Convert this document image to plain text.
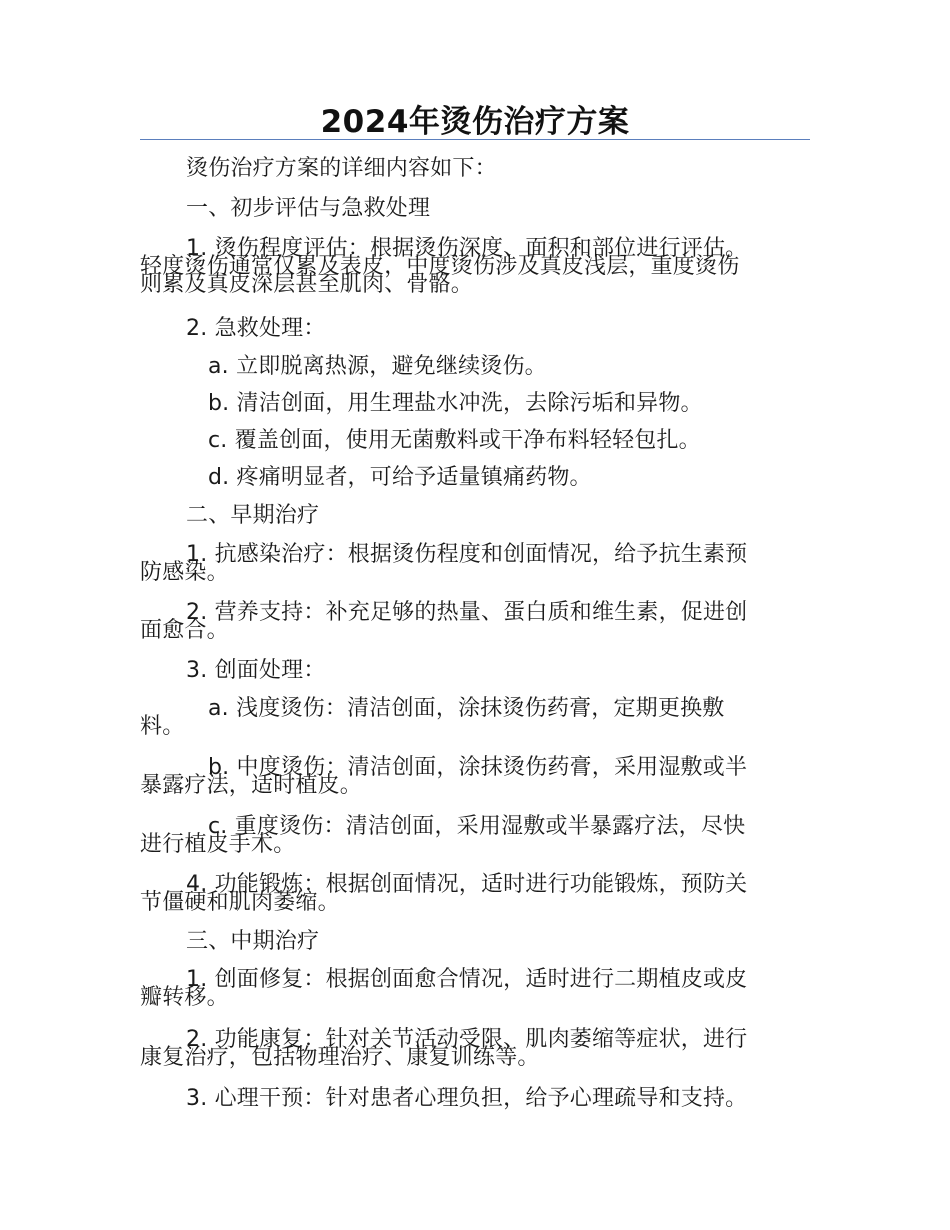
2024年烫伤治疗方案
烫伤治疗方案的详细内容如下：
一、初步评估与急救处理
1. 烫伤程度评估：根据烫伤深度、面积和部位进行评估。
轻度烫伤通常仅累及表皮，中度烫伤涉及真皮浅层，重度烫伤
则累及真皮深层甚至肌肉、骨骼。
2. 急救处理：
a. 立即脱离热源，避免继续烫伤。
b. 清洁创面，用生理盐水冲洗，去除污垢和异物。
c. 覆盖创面，使用无菌敷料或干净布料轻轻包扎。
d. 疼痛明显者，可给予适量镇痛药物。
二、早期治疗
1. 抗感染治疗：根据烫伤程度和创面情况，给予抗生素预
防感染。
2. 营养支持：补充足够的热量、蛋白质和维生素，促进创
面愈合。
3. 创面处理：
a. 浅度烫伤：清洁创面，涂抹烫伤药膏，定期更换敷
料。
b. 中度烫伤：清洁创面，涂抹烫伤药膏，采用湿敷或半
暴露疗法，适时植皮。
c. 重度烫伤：清洁创面，采用湿敷或半暴露疗法，尽快
进行植皮手术。
4. 功能锻炼：根据创面情况，适时进行功能锻炼，预防关
节僵硬和肌肉萎缩。
三、中期治疗
1. 创面修复：根据创面愈合情况，适时进行二期植皮或皮
瓣转移。
2. 功能康复：针对关节活动受限、肌肉萎缩等症状，进行
康复治疗，包括物理治疗、康复训练等。
3. 心理干预：针对患者心理负担，给予心理疏导和支持。
